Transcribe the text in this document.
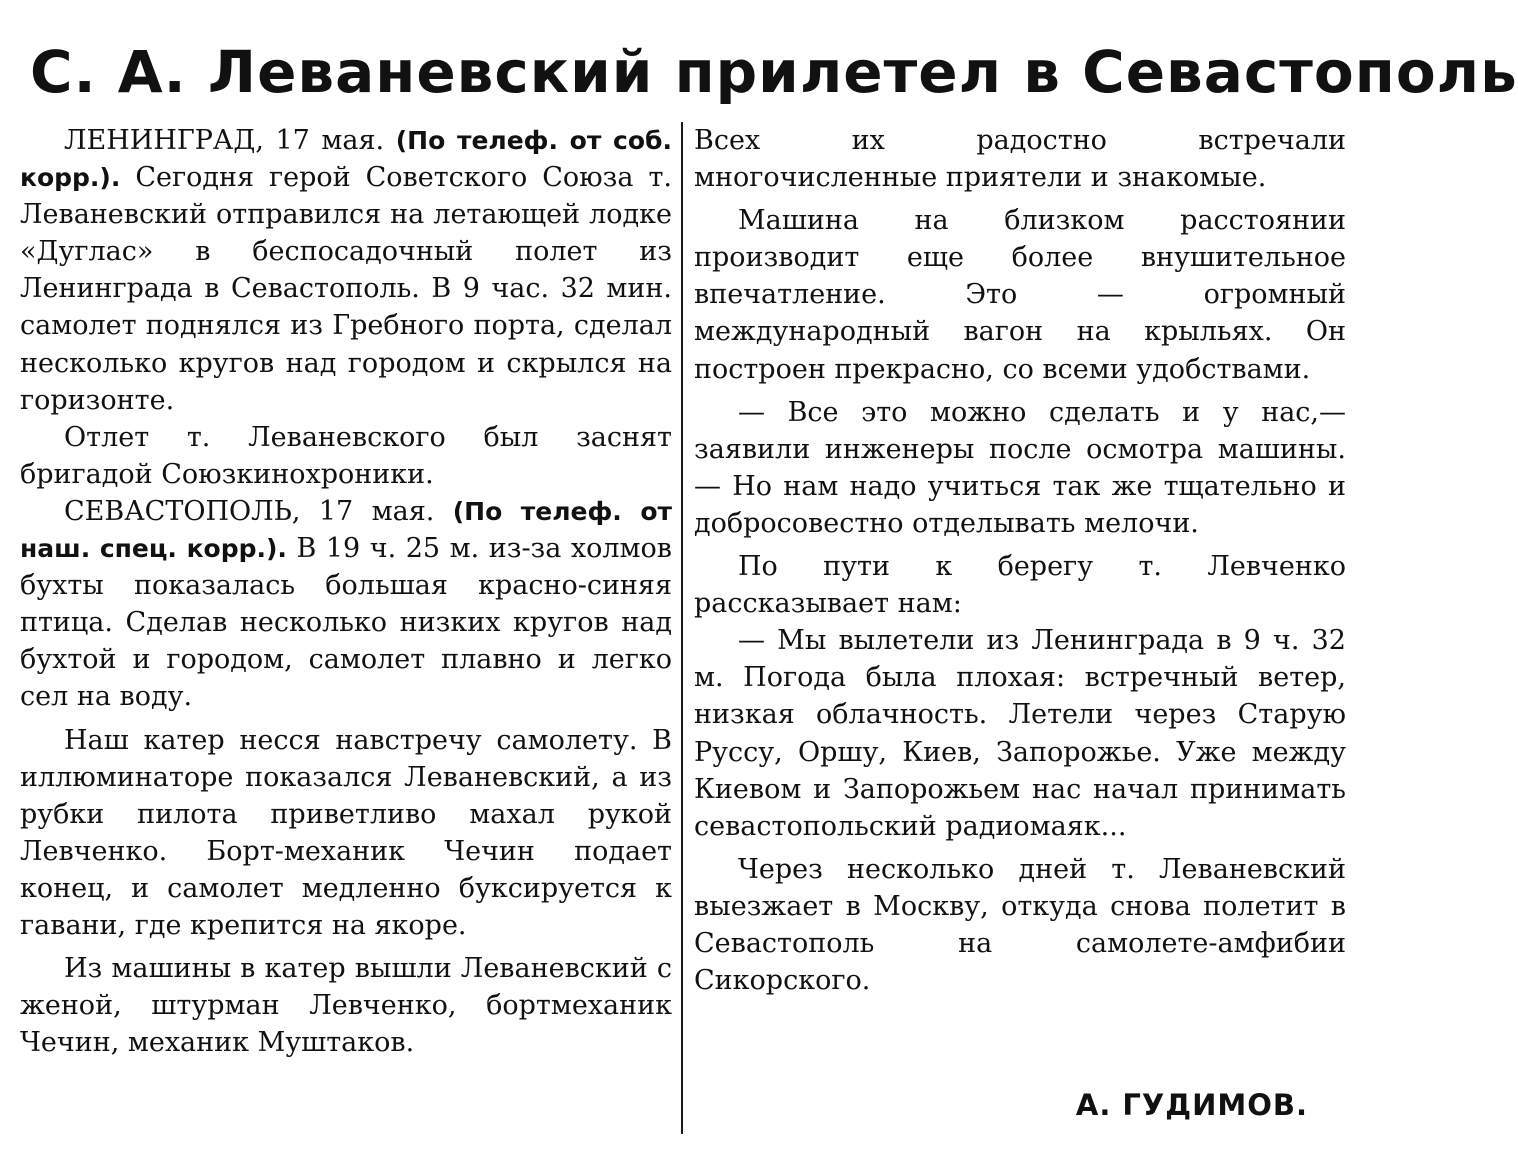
С. А. Леваневский прилетел в Севастополь

ЛЕНИНГРАД, 17 мая. (По телеф. от соб. корр.). Сегодня герой Советского Союза т. Леваневский отправился на летающей лодке «Дуглас» в беспосадочный полет из Ленинграда в Севастополь. В 9 час. 32 мин. самолет поднялся из Гребного порта, сделал несколько кругов над городом и скрылся на горизонте.

Отлет т. Леваневского был заснят бригадой Союзкинохроники.

СЕВАСТОПОЛЬ, 17 мая. (По телеф. от наш. спец. корр.). В 19 ч. 25 м. из-за холмов бухты показалась большая красно-синяя птица. Сделав несколько низких кругов над бухтой и городом, самолет плавно и легко сел на воду.

Наш катер несся навстречу самолету. В иллюминаторе показался Леваневский, а из рубки пилота приветливо махал рукой Левченко. Борт-механик Чечин подает конец, и самолет медленно буксируется к гавани, где крепится на якоре.

Из машины в катер вышли Леваневский с женой, штурман Левченко, бортмеханик Чечин, механик Муштаков.

Всех их радостно встречали многочисленные приятели и знакомые.

Машина на близком расстоянии производит еще более внушительное впечатление. Это — огромный международный вагон на крыльях. Он построен прекрасно, со всеми удобствами.

— Все это можно сделать и у нас,—заявили инженеры после осмотра машины. — Но нам надо учиться так же тщательно и добросовестно отделывать мелочи.

По пути к берегу т. Левченко рассказывает нам:

— Мы вылетели из Ленинграда в 9 ч. 32 м. Погода была плохая: встречный ветер, низкая облачность. Летели через Старую Руссу, Оршу, Киев, Запорожье. Уже между Киевом и Запорожьем нас начал принимать севастопольский радиомаяк...

Через несколько дней т. Леваневский выезжает в Москву, откуда снова полетит в Севастополь на самолете-амфибии Сикорского.

А. ГУДИМОВ.
